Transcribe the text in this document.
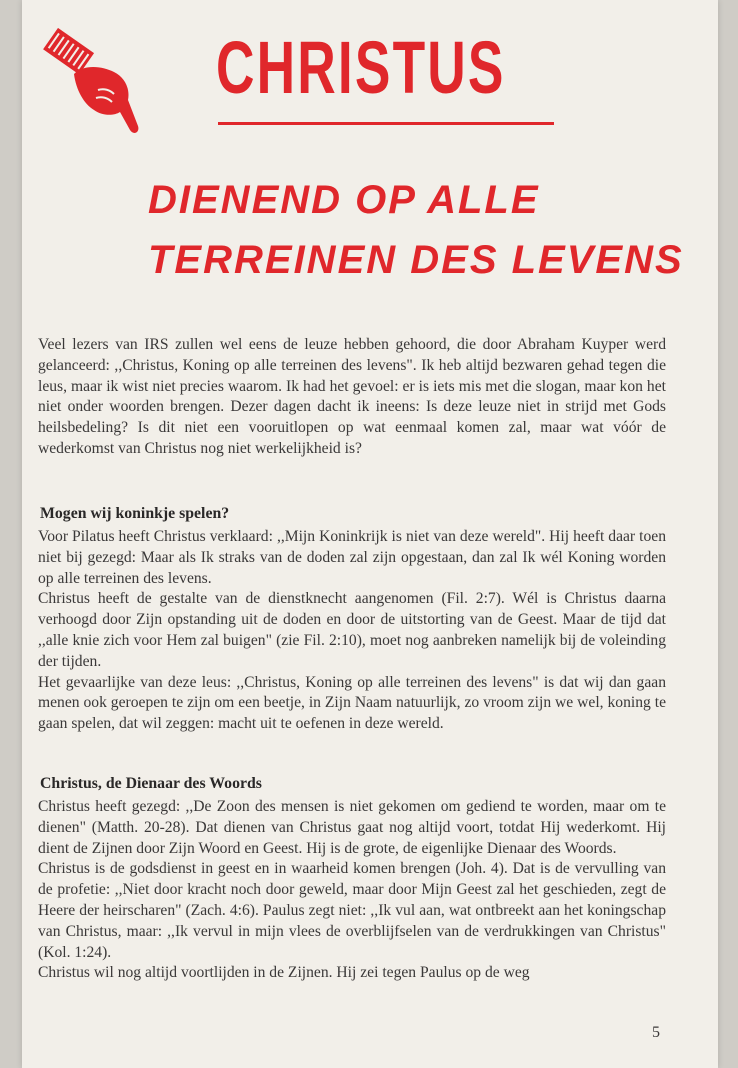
CHRISTUS
DIENEND OP ALLE
TERREINEN DES LEVENS

Veel lezers van IRS zullen wel eens de leuze hebben gehoord, die door Abraham Kuyper werd gelanceerd: ,,Christus, Koning op alle terreinen des levens". Ik heb altijd bezwaren gehad tegen die leus, maar ik wist niet precies waarom. Ik had het gevoel: er is iets mis met die slogan, maar kon het niet onder woorden brengen. Dezer dagen dacht ik ineens: Is deze leuze niet in strijd met Gods heilsbedeling? Is dit niet een vooruitlopen op wat eenmaal komen zal, maar wat vóór de wederkomst van Christus nog niet werkelijkheid is?

Mogen wij koninkje spelen?

Voor Pilatus heeft Christus verklaard: ,,Mijn Koninkrijk is niet van deze wereld". Hij heeft daar toen niet bij gezegd: Maar als Ik straks van de doden zal zijn opgestaan, dan zal Ik wél Koning worden op alle terreinen des levens.

Christus heeft de gestalte van de dienstknecht aangenomen (Fil. 2:7). Wél is Christus daarna verhoogd door Zijn opstanding uit de doden en door de uitstorting van de Geest. Maar de tijd dat ,,alle knie zich voor Hem zal buigen" (zie Fil. 2:10), moet nog aanbreken namelijk bij de voleinding der tijden.

Het gevaarlijke van deze leus: ,,Christus, Koning op alle terreinen des levens" is dat wij dan gaan menen ook geroepen te zijn om een beetje, in Zijn Naam natuurlijk, zo vroom zijn we wel, koning te gaan spelen, dat wil zeggen: macht uit te oefenen in deze wereld.

Christus, de Dienaar des Woords

Christus heeft gezegd: ,,De Zoon des mensen is niet gekomen om gediend te worden, maar om te dienen" (Matth. 20-28). Dat dienen van Christus gaat nog altijd voort, totdat Hij wederkomt. Hij dient de Zijnen door Zijn Woord en Geest. Hij is de grote, de eigenlijke Dienaar des Woords.

Christus is de godsdienst in geest en in waarheid komen brengen (Joh. 4). Dat is de vervulling van de profetie: ,,Niet door kracht noch door geweld, maar door Mijn Geest zal het geschieden, zegt de Heere der heirscharen" (Zach. 4:6). Paulus zegt niet: ,,Ik vul aan, wat ontbreekt aan het koningschap van Christus, maar: ,,Ik vervul in mijn vlees de overblijfselen van de verdrukkingen van Christus" (Kol. 1:24).

Christus wil nog altijd voortlijden in de Zijnen. Hij zei tegen Paulus op de weg

5
